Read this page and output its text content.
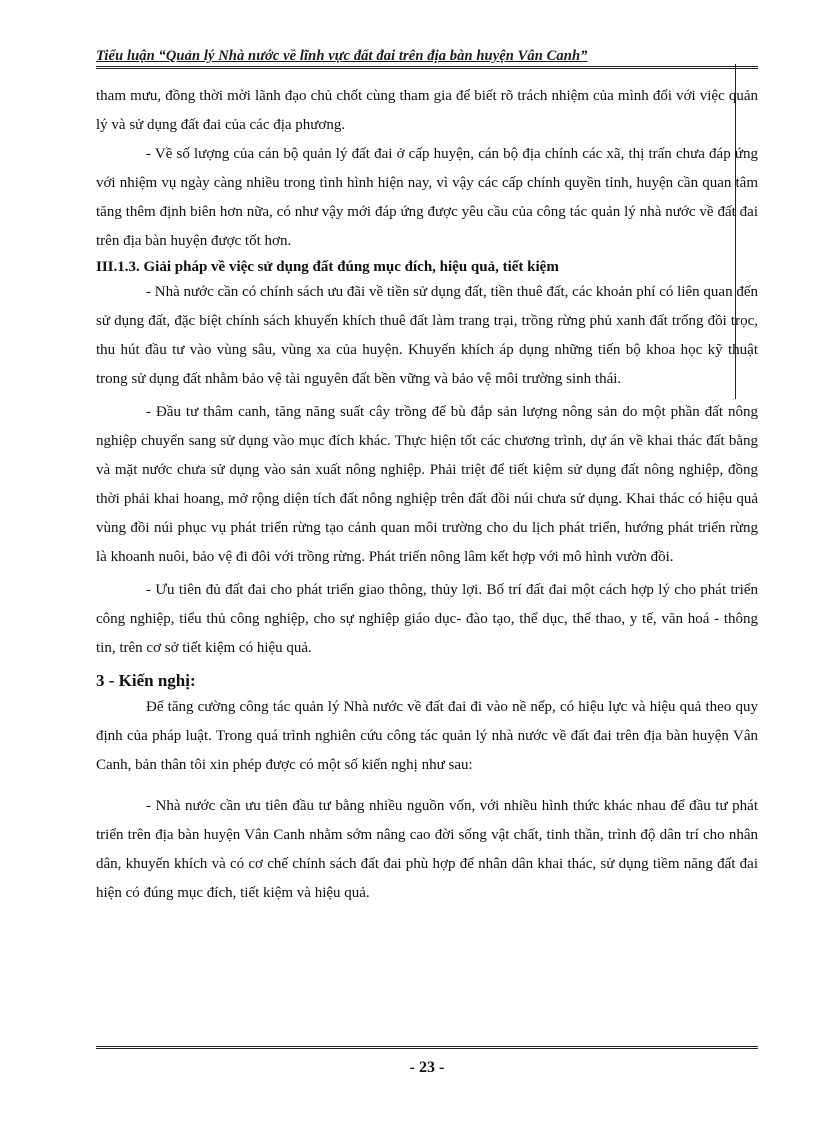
Tiểu luận “Quản lý Nhà nước về lĩnh vực đất đai trên địa bàn huyện Vân Canh”

tham mưu, đồng thời mời lãnh đạo chủ chốt cùng tham gia để biết rõ trách nhiệm của mình đối với việc quản lý và sử dụng đất đai của các địa phương.

- Về số lượng của cán bộ quản lý đất đai ở cấp huyện, cán bộ địa chính các xã, thị trấn chưa đáp ứng với nhiệm vụ ngày càng nhiều trong tình hình hiện nay, vì vậy các cấp chính quyền tỉnh, huyện cần quan tâm tăng thêm định biên hơn nữa, có như vậy mới đáp ứng được yêu cầu của công tác quản lý nhà nước về đất đai trên địa bàn huyện được tốt hơn.

III.1.3. Giải pháp về việc sử dụng đất đúng mục đích, hiệu quả, tiết kiệm

- Nhà nước cần có chính sách ưu đãi về tiền sử dụng đất, tiền thuê đất, các khoản phí có liên quan đến sử dụng đất, đặc biệt chính sách khuyến khích thuê đất làm trang trại, trồng rừng phủ xanh đất trống đồi trọc, thu hút đầu tư vào vùng sâu, vùng xa của huyện. Khuyến khích áp dụng những tiến bộ khoa học kỹ thuật trong sử dụng đất nhằm bảo vệ tài nguyên đất bền vững và bảo vệ môi trường sinh thái.

- Đầu tư thâm canh, tăng năng suất cây trồng để bù đắp sản lượng nông sản do một phần đất nông nghiệp chuyển sang sử dụng vào mục đích khác. Thực hiện tốt các chương trình, dự án về khai thác đất bằng và mặt nước chưa sử dụng vào sản xuất nông nghiệp. Phải triệt để tiết kiệm sử dụng đất nông nghiệp, đồng thời phải khai hoang, mở rộng diện tích đất nông nghiệp trên đất đồi núi chưa sử dụng. Khai thác có hiệu quả vùng đồi núi phục vụ phát triển rừng tạo cảnh quan môi trường cho du lịch phát triển, hướng phát triển rừng là khoanh nuôi, bảo vệ đi đôi với trồng rừng. Phát triển nông lâm kết hợp với mô hình vườn đồi.

- Ưu tiên đủ đất đai cho phát triển giao thông, thủy lợi. Bố trí đất đai một cách hợp lý cho phát triển công nghiệp, tiểu thủ công nghiệp, cho sự nghiệp giáo dục- đào tạo, thể dục, thể thao, y tế, văn hoá - thông tin, trên cơ sở tiết kiệm có hiệu quả.

3 - Kiến nghị:

Để tăng cường công tác quản lý Nhà nước về đất đai đi vào nề nếp, có hiệu lực và hiệu quả theo quy định của pháp luật. Trong quá trình nghiên cứu công tác quản lý nhà nước về đất đai trên địa bàn huyện Vân Canh, bản thân tôi xin phép được có một số kiến nghị như sau:

- Nhà nước cần ưu tiên đầu tư bằng nhiều nguồn vốn, với nhiều hình thức khác nhau để đầu tư phát triển trên địa bàn huyện Vân Canh nhằm sớm nâng cao đời sống vật chất, tinh thần, trình độ dân trí cho nhân dân, khuyến khích và có cơ chế chính sách đất đai phù hợp để nhân dân khai thác, sử dụng tiềm năng đất đai hiện có đúng mục đích, tiết kiệm và hiệu quả.

- 23 -
